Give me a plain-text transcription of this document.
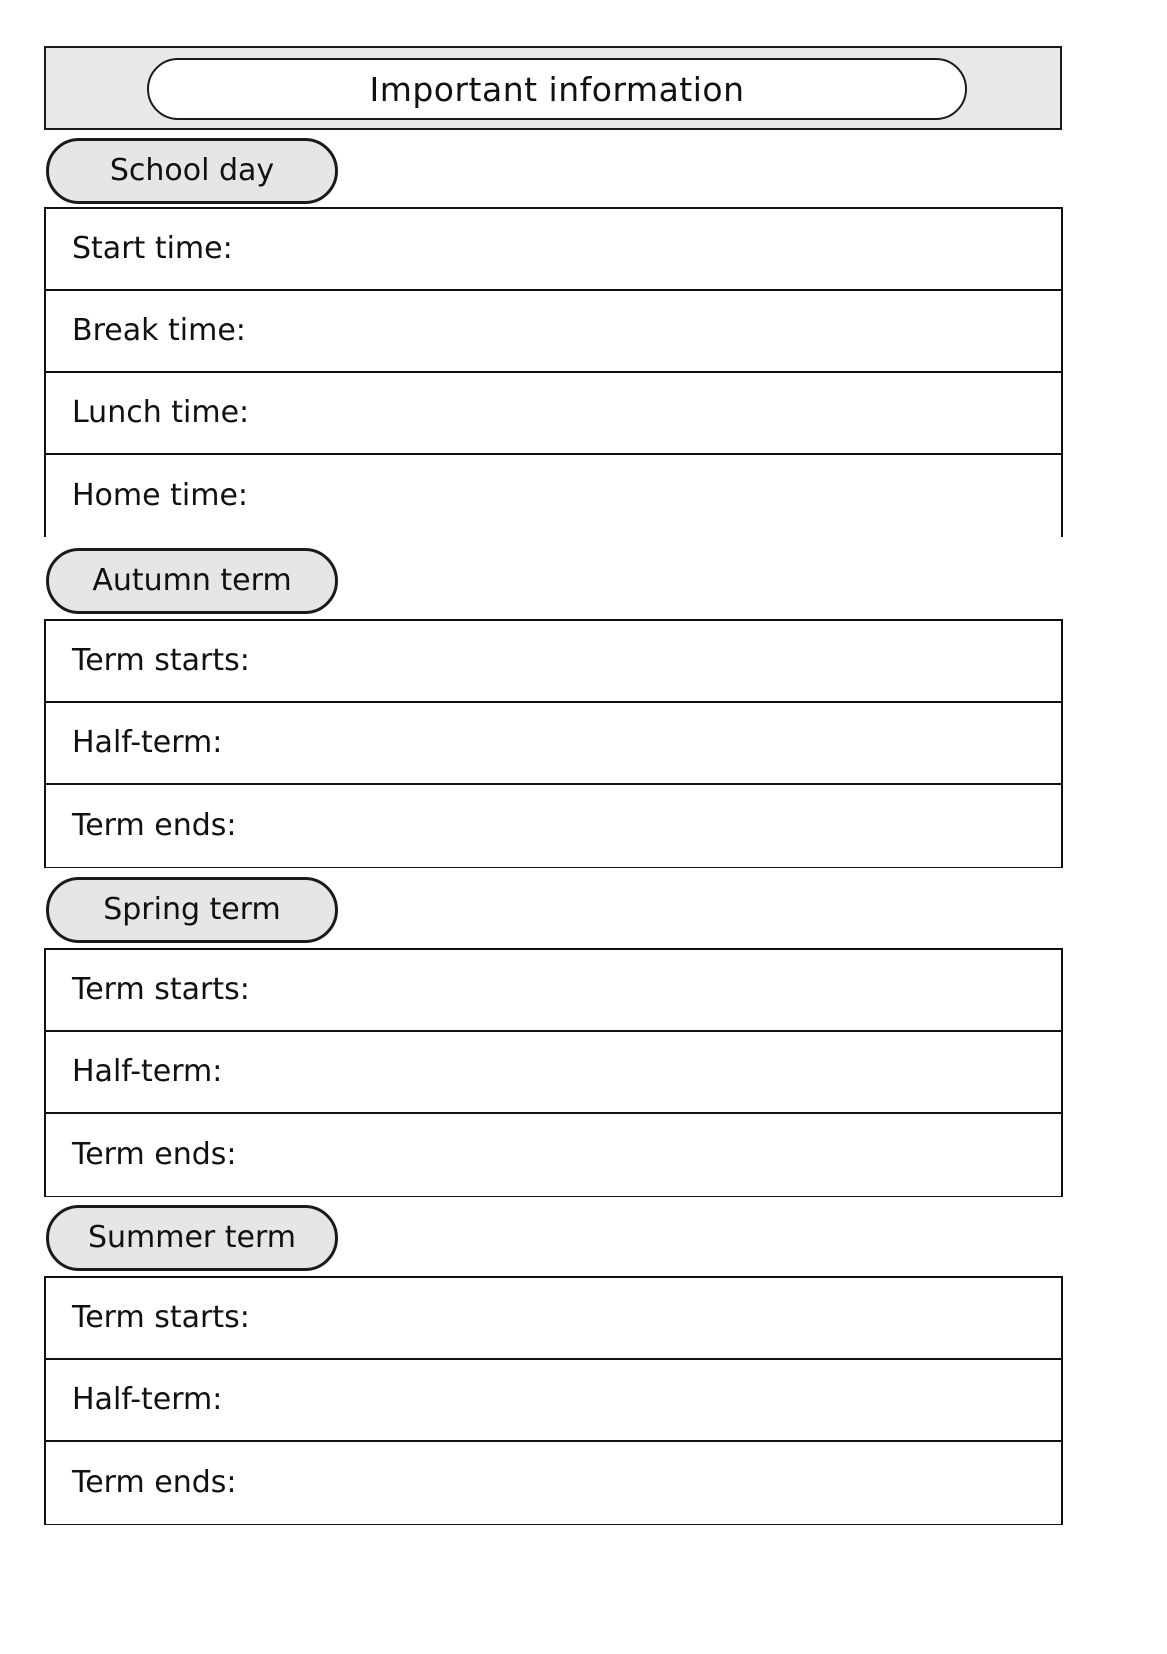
Important information
School day
Start time:
Break time:
Lunch time:
Home time:
Autumn term
Term starts:
Half-term:
Term ends:
Spring term
Term starts:
Half-term:
Term ends:
Summer term
Term starts:
Half-term:
Term ends:
